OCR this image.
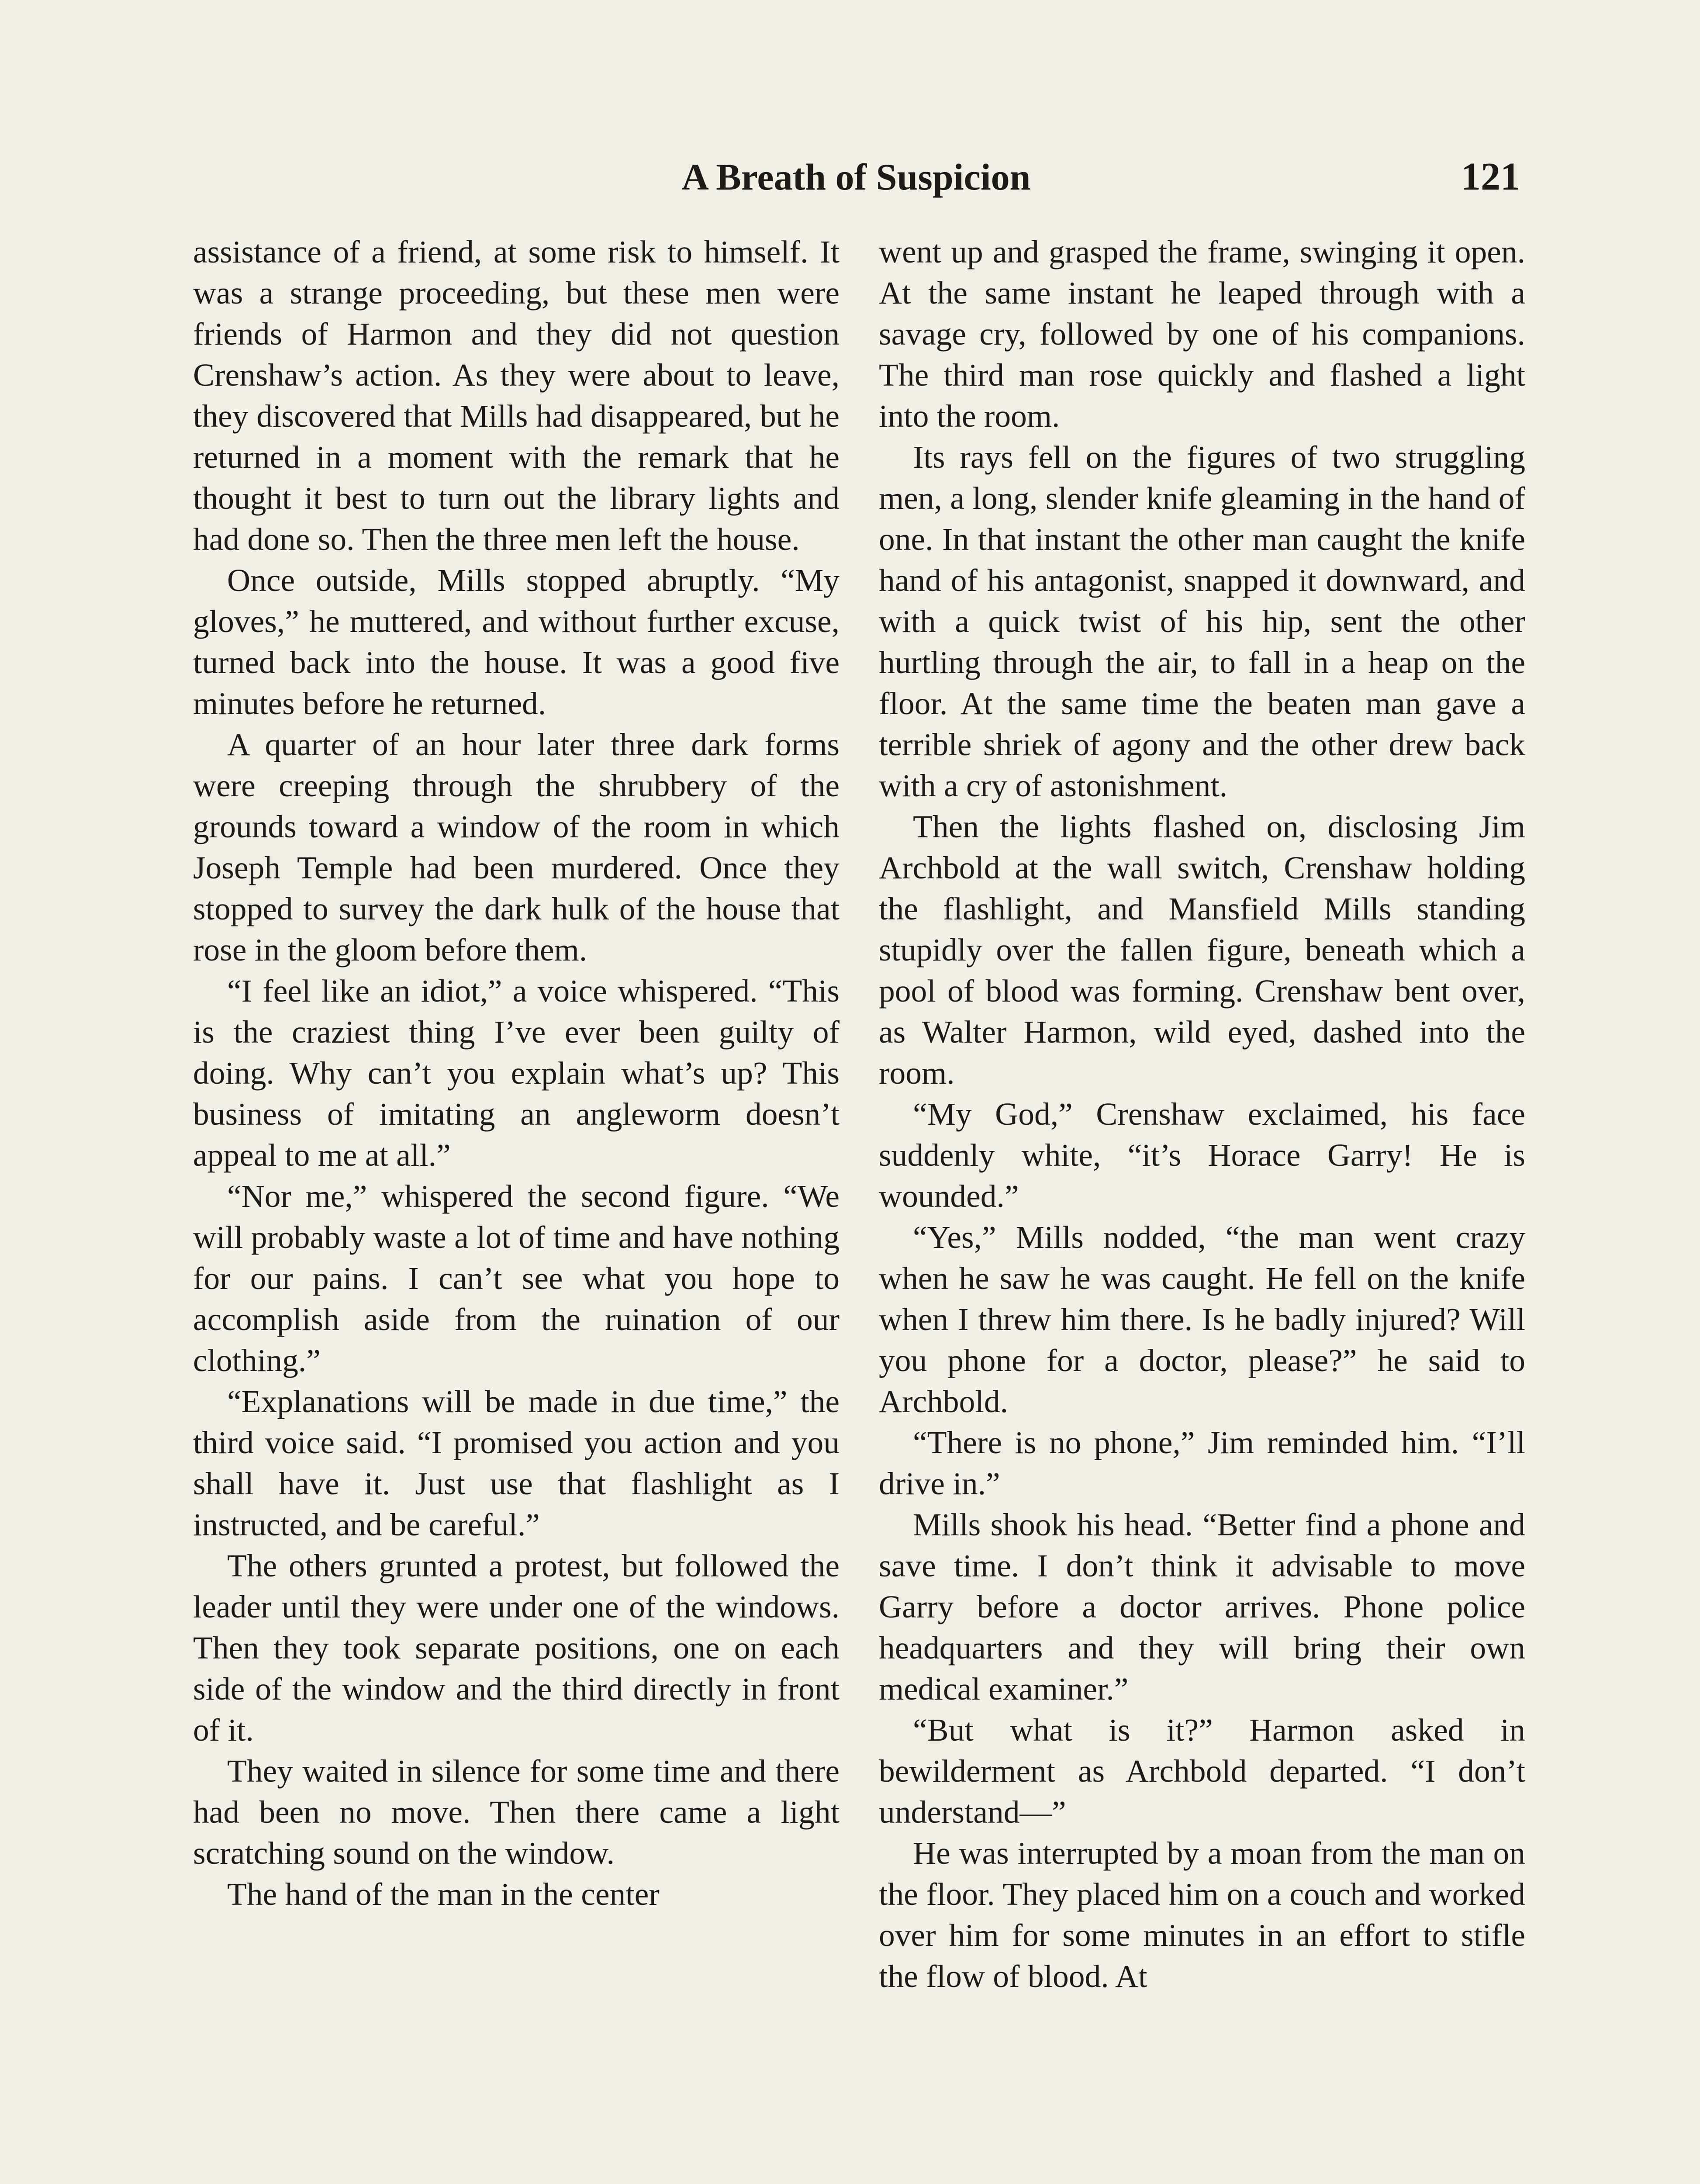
A Breath of Suspicion	121

assistance of a friend, at some risk to himself. It was a strange proceeding, but these men were friends of Harmon and they did not question Crenshaw’s action. As they were about to leave, they discovered that Mills had disappeared, but he returned in a moment with the remark that he thought it best to turn out the library lights and had done so. Then the three men left the house.

Once outside, Mills stopped abruptly. “My gloves,” he muttered, and without further excuse, turned back into the house. It was a good five minutes before he returned.

A quarter of an hour later three dark forms were creeping through the shrubbery of the grounds toward a window of the room in which Joseph Temple had been murdered. Once they stopped to survey the dark hulk of the house that rose in the gloom before them.

“I feel like an idiot,” a voice whispered. “This is the craziest thing I’ve ever been guilty of doing. Why can’t you explain what’s up? This business of imitating an angleworm doesn’t appeal to me at all.”

“Nor me,” whispered the second figure. “We will probably waste a lot of time and have nothing for our pains. I can’t see what you hope to accomplish aside from the ruination of our clothing.”

“Explanations will be made in due time,” the third voice said. “I promised you action and you shall have it. Just use that flashlight as I instructed, and be careful.”

The others grunted a protest, but followed the leader until they were under one of the windows. Then they took separate positions, one on each side of the window and the third directly in front of it.

They waited in silence for some time and there had been no move. Then there came a light scratching sound on the window.

The hand of the man in the center

went up and grasped the frame, swinging it open. At the same instant he leaped through with a savage cry, followed by one of his companions. The third man rose quickly and flashed a light into the room.

Its rays fell on the figures of two struggling men, a long, slender knife gleaming in the hand of one. In that instant the other man caught the knife hand of his antagonist, snapped it downward, and with a quick twist of his hip, sent the other hurtling through the air, to fall in a heap on the floor. At the same time the beaten man gave a terrible shriek of agony and the other drew back with a cry of astonishment.

Then the lights flashed on, disclosing Jim Archbold at the wall switch, Crenshaw holding the flashlight, and Mansfield Mills standing stupidly over the fallen figure, beneath which a pool of blood was forming. Crenshaw bent over, as Walter Harmon, wild eyed, dashed into the room.

“My God,” Crenshaw exclaimed, his face suddenly white, “it’s Horace Garry! He is wounded.”

“Yes,” Mills nodded, “the man went crazy when he saw he was caught. He fell on the knife when I threw him there. Is he badly injured? Will you phone for a doctor, please?” he said to Archbold.

“There is no phone,” Jim reminded him. “I’ll drive in.”

Mills shook his head. “Better find a phone and save time. I don’t think it advisable to move Garry before a doctor arrives. Phone police headquarters and they will bring their own medical examiner.”

“But what is it?” Harmon asked in bewilderment as Archbold departed. “I don’t understand—”

He was interrupted by a moan from the man on the floor. They placed him on a couch and worked over him for some minutes in an effort to stifle the flow of blood. At
